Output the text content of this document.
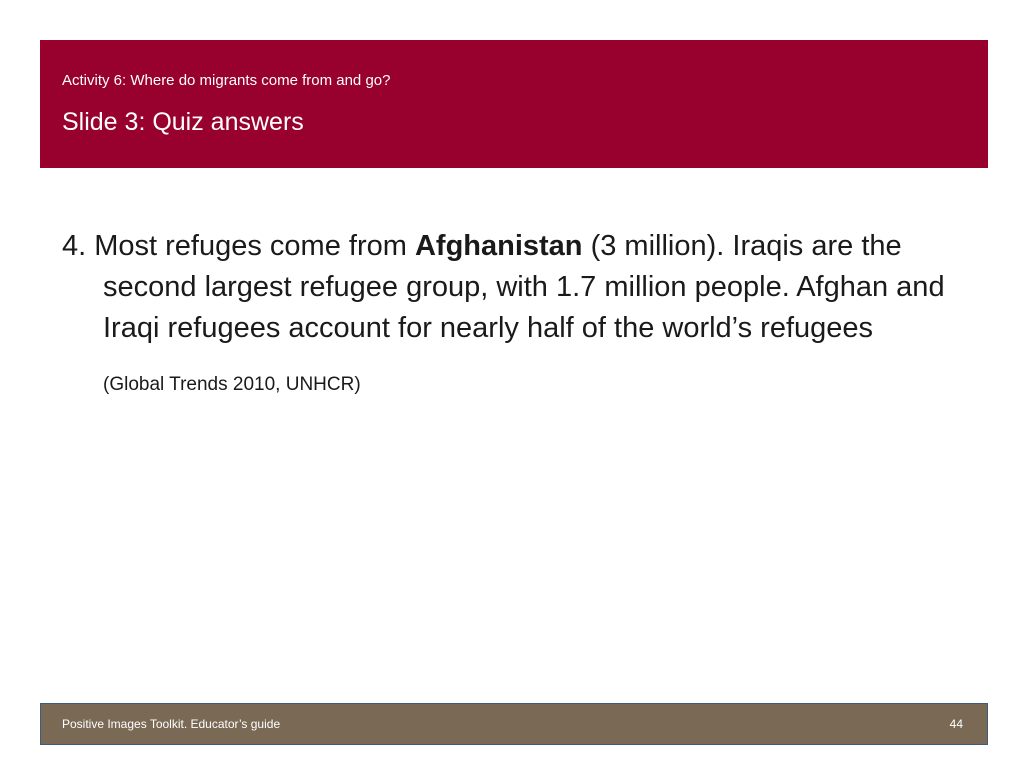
Activity 6: Where do migrants come from and go?
Slide 3: Quiz answers

4. Most refuges come from Afghanistan (3 million). Iraqis are the second largest refugee group, with 1.7 million people. Afghan and Iraqi refugees account for nearly half of the world’s refugees

(Global Trends 2010, UNHCR)
Positive Images Toolkit. Educator’s guide	44
